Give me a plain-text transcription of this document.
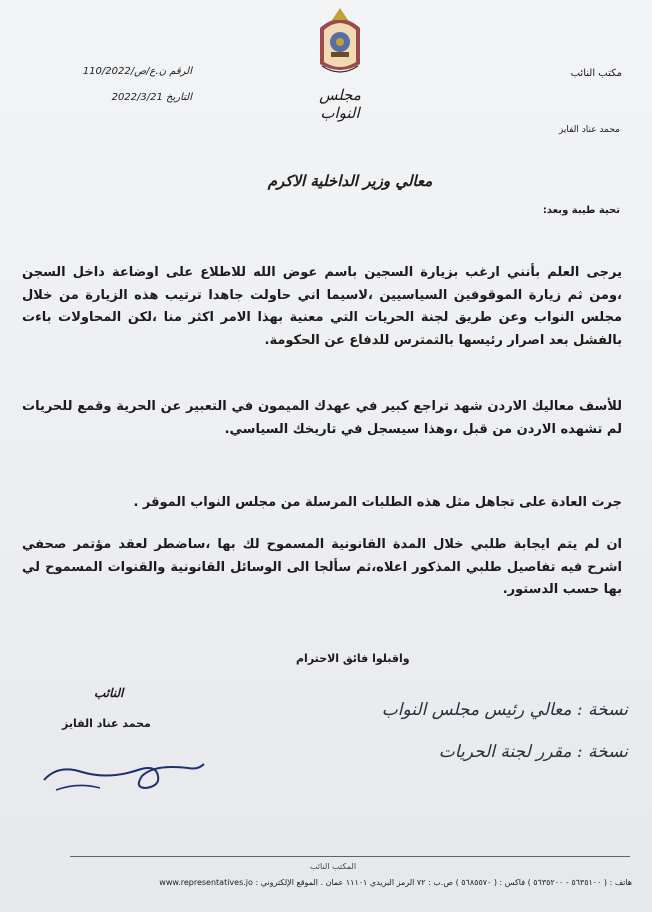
مجلس النواب
الرقم ن.ع/ص/110/2022
التاريخ 2022/3/21
مكتب النائب
محمد عناد الفايز
معالي وزير الداخلية الاكرم
تحية طيبة وبعد:
يرجى العلم بأنني ارغب بزيارة السجين باسم عوض الله للاطلاع على اوضاعة داخل السجن ،ومن ثم زيارة الموقوفين السياسيين ،لاسيما اني حاولت جاهدا ترتيب هذه الزيارة من خلال مجلس النواب وعن طريق لجنة الحريات التي معنية بهذا الامر اكثر منا ،لكن المحاولات باءت بالفشل بعد اصرار رئيسها بالتمترس للدفاع عن الحكومة.
للأسف معاليك الاردن شهد تراجع كبير في عهدك الميمون في التعبير عن الحرية وقمع للحريات لم تشهده الاردن من قبل ،وهذا سيسجل في تاريخك السياسي.
جرت العادة على تجاهل مثل هذه الطلبات المرسلة من مجلس النواب الموقر .
ان لم يتم ايجابة طلبي خلال المدة القانونية المسموح لك بها ،ساضطر لعقد مؤتمر صحفي اشرح فيه تفاصيل طلبي المذكور اعلاه،ثم سألجا الى الوسائل القانونية والقنوات المسموح لي بها حسب الدستور.
واقبلوا فائق الاحترام
النائب
محمد عناد الفايز
نسخة : معالي رئيس مجلس النواب
نسخة : مقرر لجنة الحريات
المكتب النائب
هاتف : ( ٥٦٣٥١٠٠ - ٥٦٣٥٢٠٠ ) فاكس : ( ٥٦٨٥٥٧٠ ) ص.ب : ٧٢ الرمز البريدي ١١١٠١ عمان . الموقع الإلكتروني : www.representatives.jo
